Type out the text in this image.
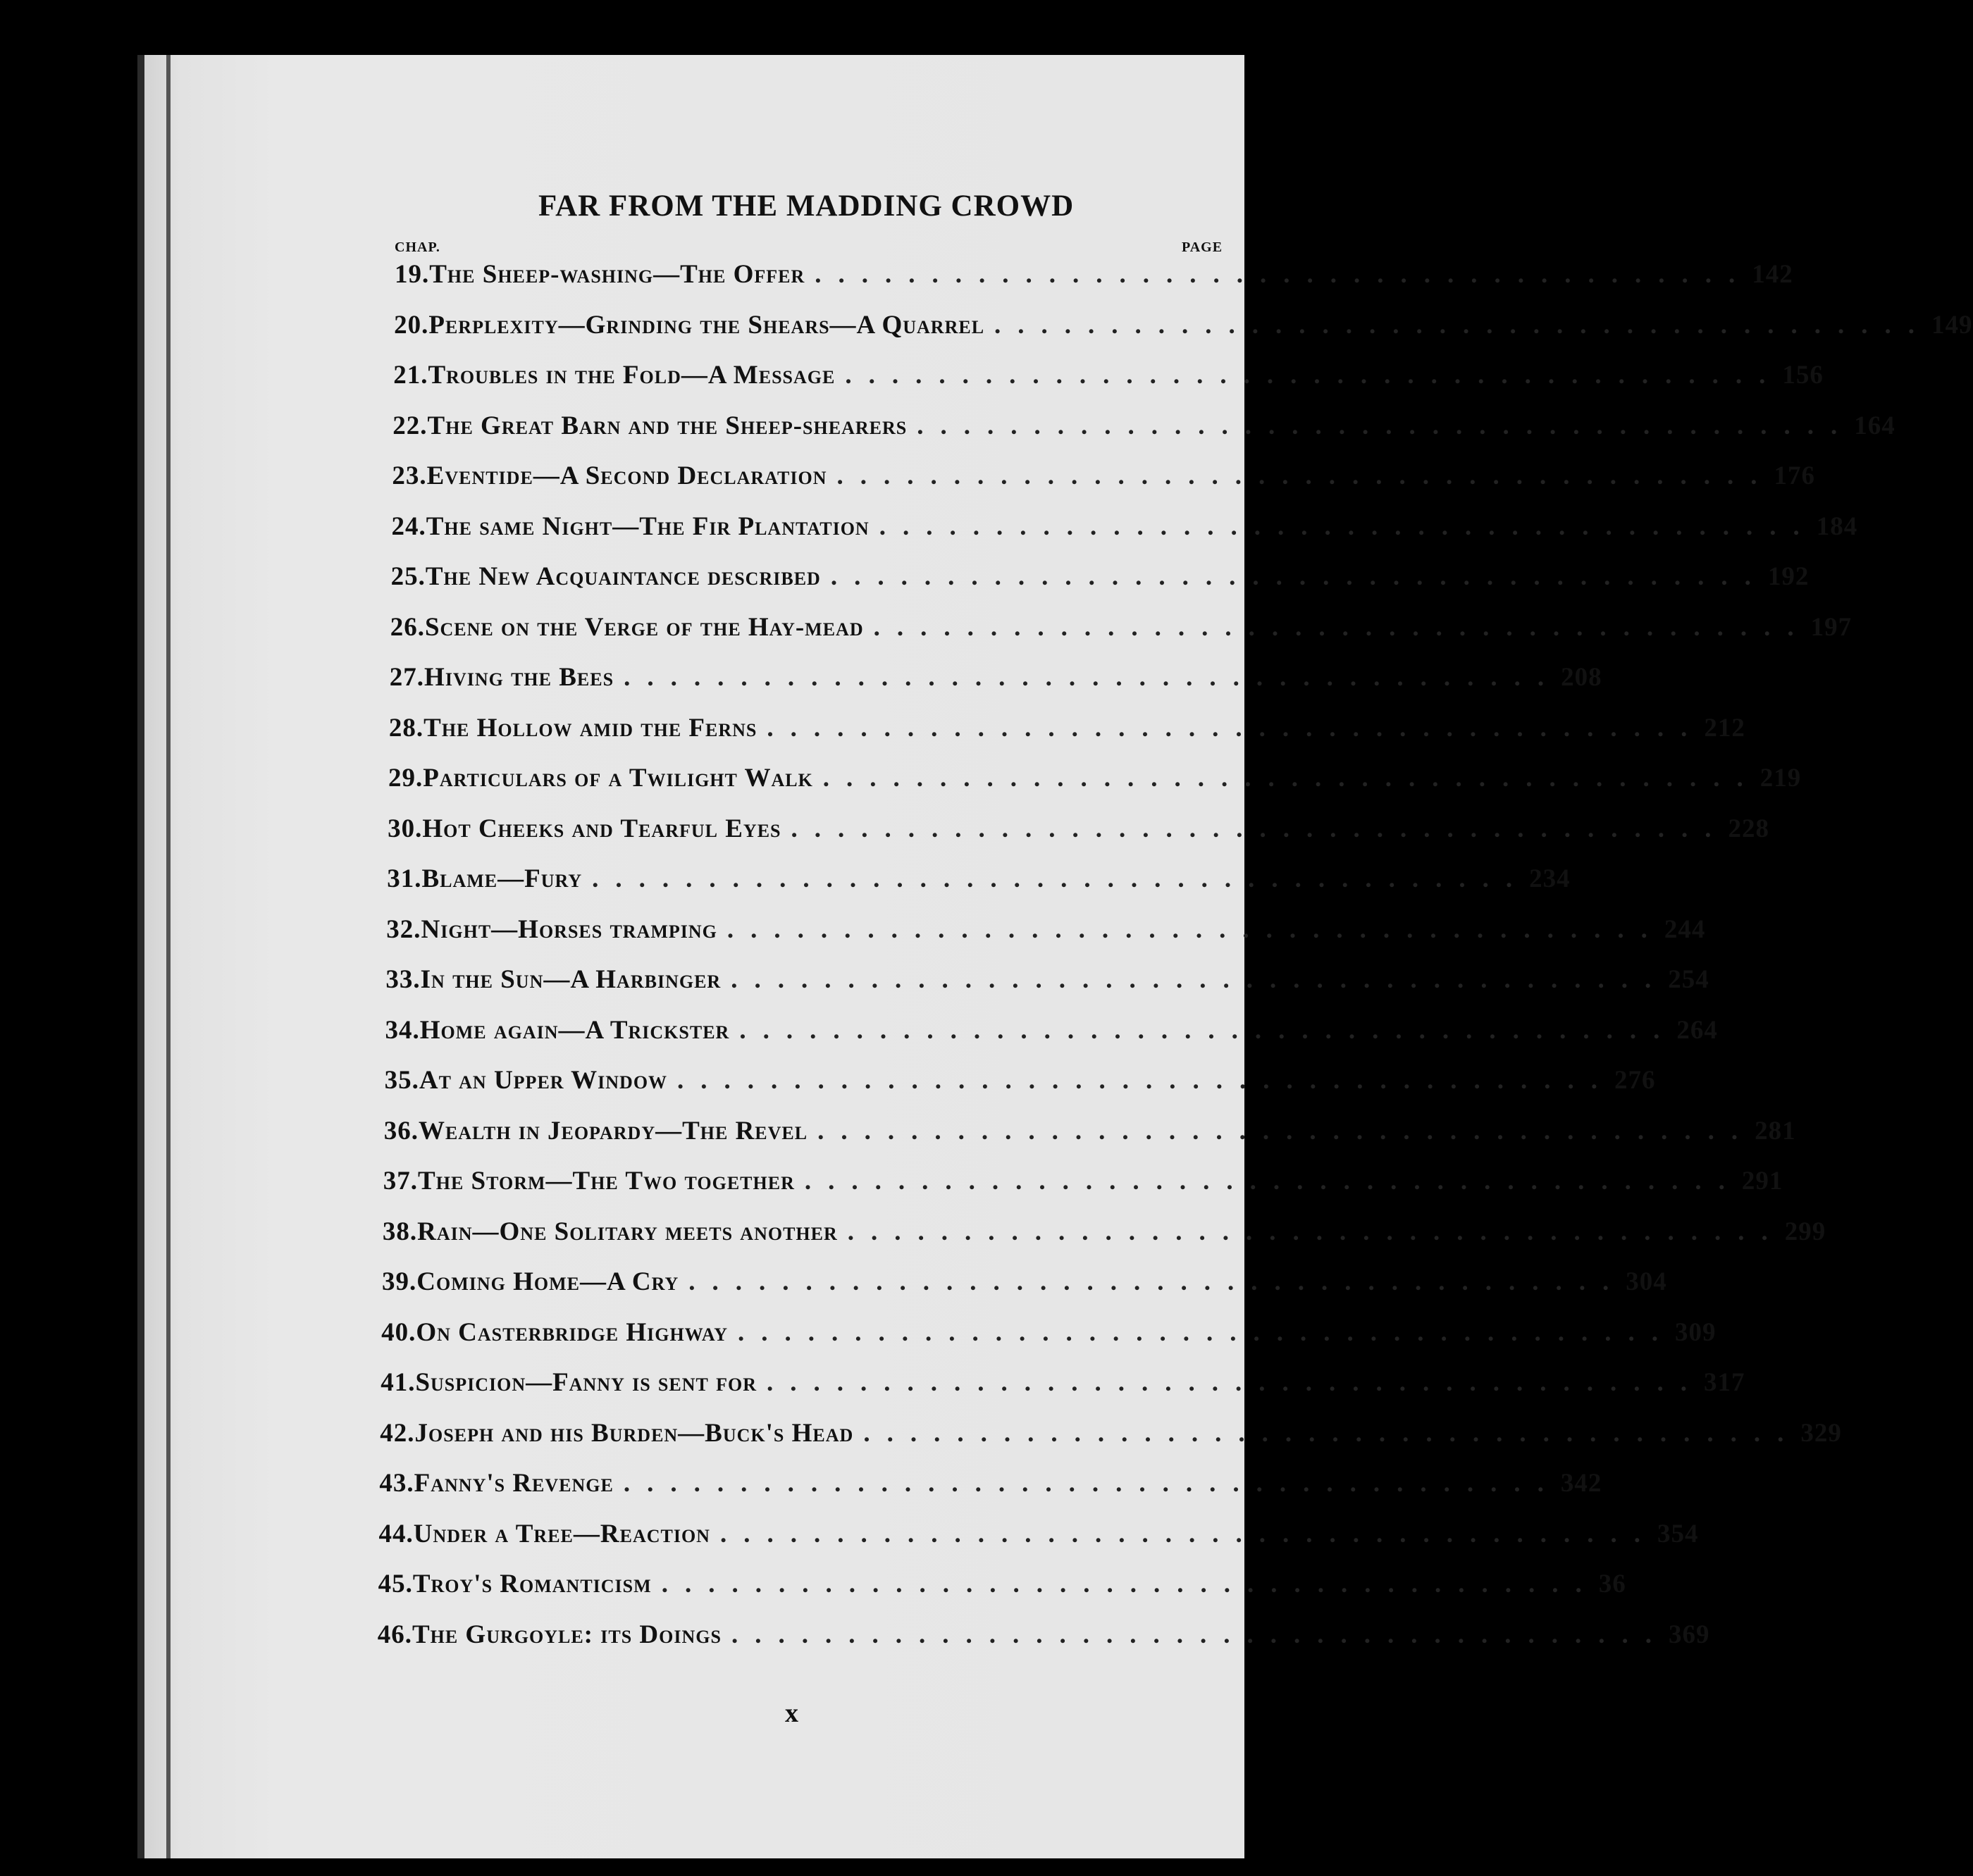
FAR FROM THE MADDING CROWD
CHAP.	PAGE
19. The Sheep-washing—The Offer ........................................ 142
20. Perplexity—Grinding the Shears—A Quarrel ........................................ 149
21. Troubles in the Fold—A Message ........................................ 156
22. The Great Barn and the Sheep-shearers ........................................ 164
23. Eventide—A Second Declaration ........................................ 176
24. The same Night—The Fir Plantation ........................................ 184
25. The New Acquaintance described ........................................ 192
26. Scene on the Verge of the Hay-mead ........................................ 197
27. Hiving the Bees ........................................ 208
28. The Hollow amid the Ferns ........................................ 212
29. Particulars of a Twilight Walk ........................................ 219
30. Hot Cheeks and Tearful Eyes ........................................ 228
31. Blame—Fury ........................................ 234
32. Night—Horses tramping ........................................ 244
33. In the Sun—A Harbinger ........................................ 254
34. Home again—A Trickster ........................................ 264
35. At an Upper Window ........................................ 276
36. Wealth in Jeopardy—The Revel ........................................ 281
37. The Storm—The Two together ........................................ 291
38. Rain—One Solitary meets another ........................................ 299
39. Coming Home—A Cry ........................................ 304
40. On Casterbridge Highway ........................................ 309
41. Suspicion—Fanny is sent for ........................................ 317
42. Joseph and his Burden—Buck's Head ........................................ 329
43. Fanny's Revenge ........................................ 342
44. Under a Tree—Reaction ........................................ 354
45. Troy's Romanticism ........................................ 36
46. The Gurgoyle: its Doings ........................................ 369
x
